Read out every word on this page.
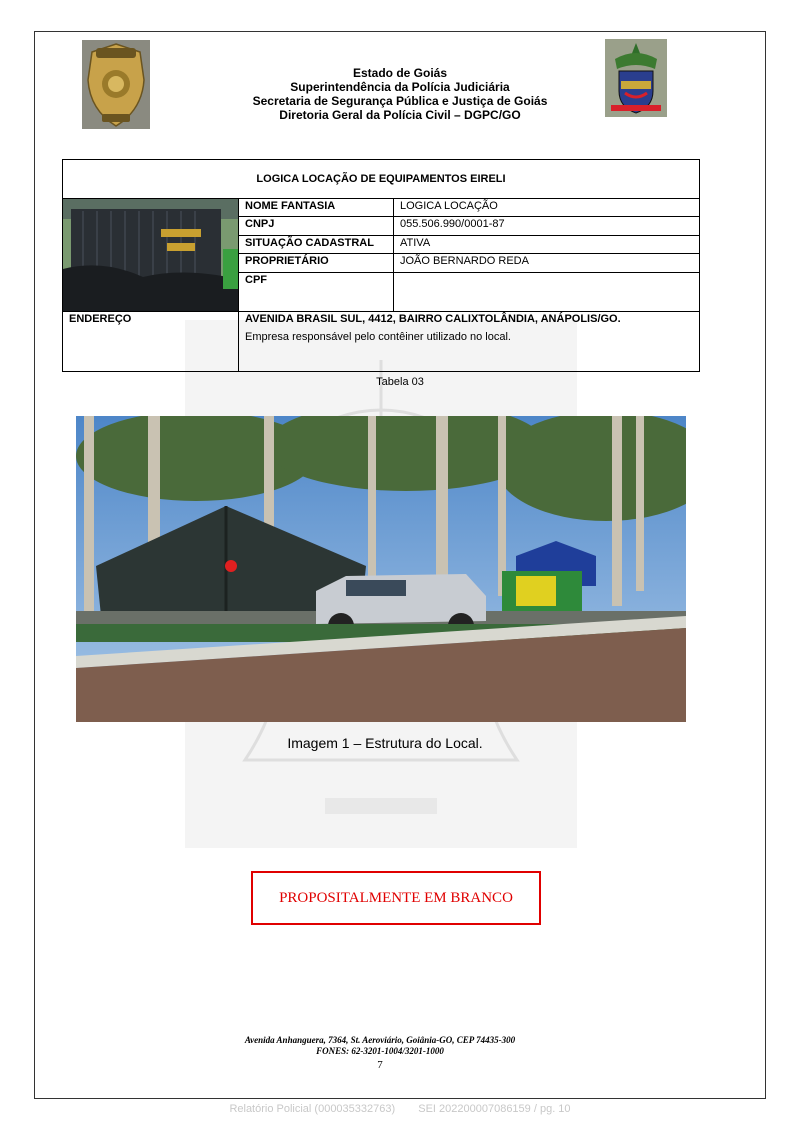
Estado de Goiás
Superintendência da Polícia Judiciária
Secretaria de Segurança Pública e Justiça de Goiás
Diretoria Geral da Polícia Civil – DGPC/GO
LOGICA LOCAÇÃO DE EQUIPAMENTOS EIRELI		

	NOME FANTASIA	LOGICA LOCAÇÃO
	CNPJ	055.506.990/0001-87
	SITUAÇÃO CADASTRAL	ATIVA
	PROPRIETÁRIO	JOÃO BERNARDO REDA
	CPF	
ENDEREÇO	AVENIDA BRASIL SUL, 4412, BAIRRO CALIXTOLÂNDIA, ANÁPOLIS/GO.
Empresa responsável pelo contêiner utilizado no local.	
Tabela 03
Imagem 1 – Estrutura do Local.
PROPOSITALMENTE EM BRANCO
Avenida Anhanguera, 7364, St. Aeroviário, Goiânia-GO, CEP 74435-300
FONES: 62-3201-1004/3201-1000
7
Relatório Policial (000035332763) SEI 202200007086159 / pg. 10
